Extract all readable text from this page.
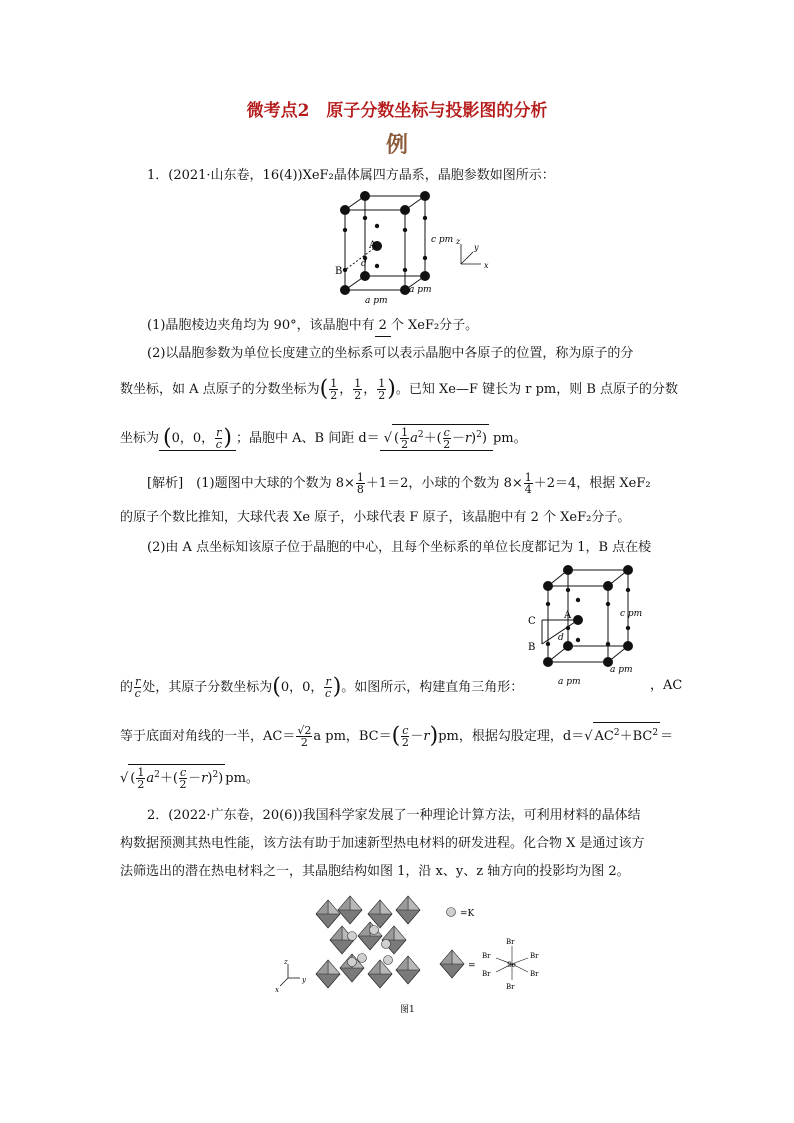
微考点2　原子分数坐标与投影图的分析
例
1．(2021·山东卷，16(4))XeF₂晶体属四方晶系，晶胞参数如图所示：
A
B
d
c pm
a pm
a pm
z
y
x
(1)晶胞棱边夹角均为 90°，该晶胞中有 2 个 XeF₂分子。
(2)以晶胞参数为单位长度建立的坐标系可以表示晶胞中各原子的位置，称为原子的分
数坐标，如 A 点原子的分数坐标为( $\frac{1}{2}$ ， $\frac{1}{2}$ ， $\frac{1}{2}$ )。已知 Xe—F 键长为 r pm，则 B 点原子的分数
坐标为 (0，0， $\frac{r}{c}$ ) ；晶胞中 A、B 间距 d＝ √ ( $\frac{1}{2} a^2+( \frac{c}{2} -r)^2$) pm。
[解析]　 (1)题图中大球的个数为 $8\times \frac{1}{8} +1=2$，小球的个数为 $8\times \frac{1}{4} +2=4$，根据 XeF₂
的原子个数比推知，大球代表 Xe 原子，小球代表 F 原子，该晶胞中有 2 个 XeF₂分子。
(2)由 A 点坐标知该原子位于晶胞的中心，且每个坐标系的单位长度都记为 1，B 点在棱
A
C
B
d
c pm
a pm
a pm
的 $\frac{r}{c}$ 处，其原子分数坐标为(0，0， $\frac{r}{c}$ )。如图所示，构建直角三角形：	，AC
等于底面对角线的一半，$AC= \frac{√2}{2}$ a pm，$BC=( \frac{c}{2} -r)pm$，根据勾股定理，d＝√ $AC^2+BC^2$ ＝
√ ( $\frac{1}{2} a^2+( \frac{c}{2} -r)^2$) pm。
2．(2022·广东卷，20(6))我国科学家发展了一种理论计算方法，可利用材料的晶体结
构数据预测其热电性能，该方法有助于加速新型热电材料的研发进程。化合物 X 是通过该方
法筛选出的潜在热电材料之一，其晶胞结构如图 1，沿 x、y、z 轴方向的投影均为图 2。
z
y
x
=K
=
Br
Br
Br	Br
Br	Br
Se
图1
